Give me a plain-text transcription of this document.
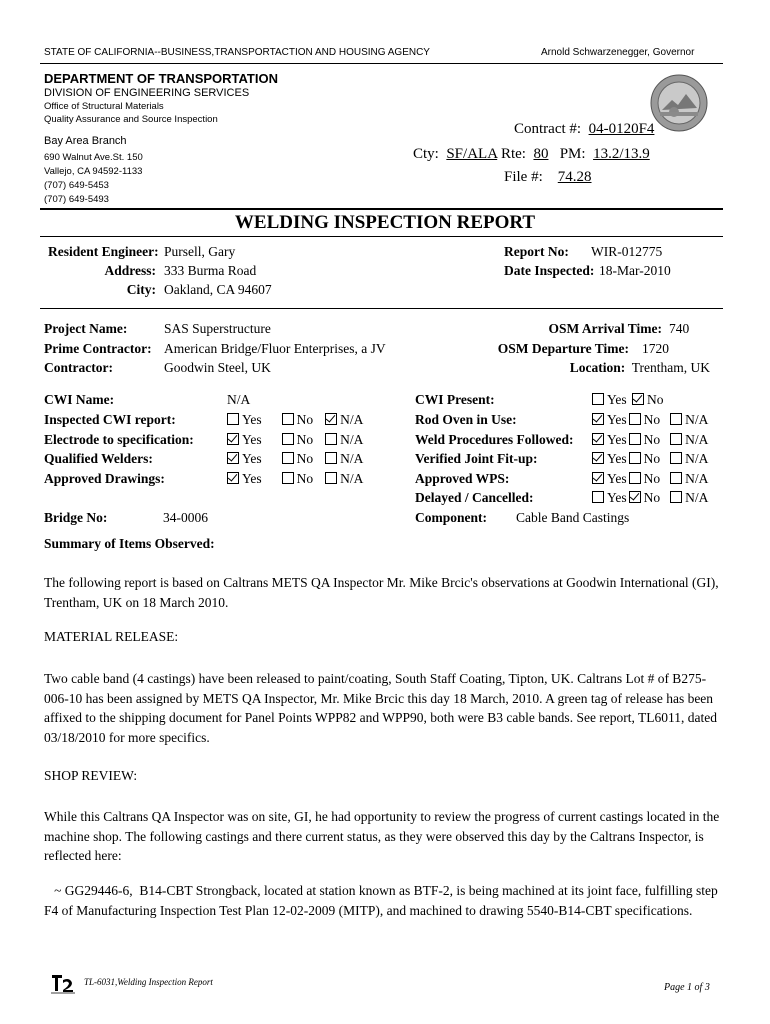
STATE OF CALIFORNIA--BUSINESS,TRANSPORTACTION AND HOUSING AGENCY	Arnold Schwarzenegger, Governor
DEPARTMENT OF TRANSPORTATION
DIVISION OF ENGINEERING SERVICES
Office of Structural Materials
Quality Assurance and Source Inspection
Bay Area Branch
690 Walnut Ave.St. 150
Vallejo, CA 94592-1133
(707) 649-5453
(707) 649-5493
Contract #: 04-0120F4
Cty: SF/ALA Rte: 80 PM: 13.2/13.9
File #: 74.28
WELDING INSPECTION REPORT
Resident Engineer: Pursell, Gary
Address: 333 Burma Road
City: Oakland, CA 94607
Report No: WIR-012775
Date Inspected: 18-Mar-2010
Project Name:	SAS Superstructure
Prime Contractor: American Bridge/Fluor Enterprises, a JV
Contractor:	Goodwin Steel, UK
OSM Arrival Time: 740
OSM Departure Time: 1720
Location: Trentham, UK
CWI Name:	N/A
Inspected CWI report:	Yes	No N/A
Electrode to specification:	Yes	No N/A
Qualified Welders:	Yes	No N/A
Approved Drawings:	Yes	No N/A
CWI Present:	Yes No
Rod Oven in Use:	Yes No N/A
Weld Procedures Followed:	Yes No N/A
Verified Joint Fit-up:	Yes No N/A
Approved WPS:	Yes No N/A
Delayed / Cancelled:	Yes No N/A
Bridge No:	34-0006	Component: Cable Band Castings
Summary of Items Observed:
The following report is based on Caltrans METS QA Inspector Mr. Mike Brcic's observations at Goodwin International (GI), Trentham, UK on 18 March 2010.
MATERIAL RELEASE:
Two cable band (4 castings) have been released to paint/coating, South Staff Coating, Tipton, UK. Caltrans Lot # of B275-006-10 has been assigned by METS QA Inspector, Mr. Mike Brcic this day 18 March, 2010. A green tag of release has been affixed to the shipping document for Panel Points WPP82 and WPP90, both were B3 cable bands. See report, TL6011, dated 03/18/2010 for more specifics.
SHOP REVIEW:
While this Caltrans QA Inspector was on site, GI, he had opportunity to review the progress of current castings located in the machine shop. The following castings and there current status, as they were observed this day by the Caltrans Inspector, is reflected here:
~ GG29446-6,  B14-CBT Strongback, located at station known as BTF-2, is being machined at its joint face, fulfilling step F4 of Manufacturing Inspection Test Plan 12-02-2009 (MITP), and machined to drawing 5540-B14-CBT specifications.
TL-6031,Welding Inspection Report	Page 1 of 3
